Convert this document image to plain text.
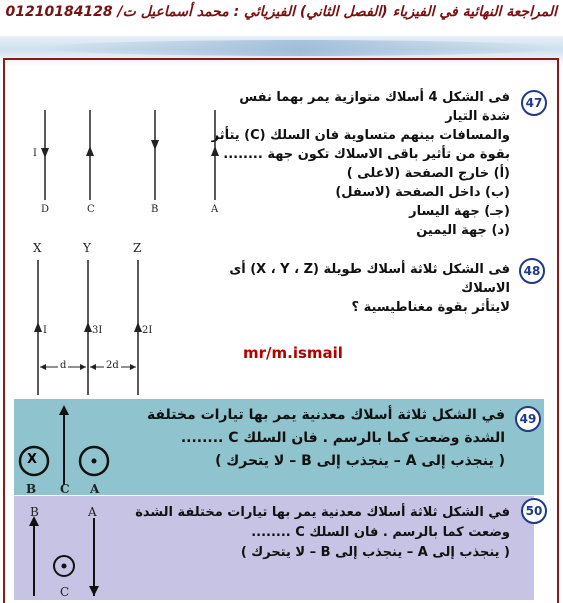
المراجعة النهائية في الفيزياء (الفصل الثاني) الفيزيائي : محمد أسماعيل ت/ 01210184128
47
فى الشكل 4 أسلاك متوازية يمر بهما نفس شدة التيار
والمسافات بينهم متساوية فان السلك (C) يتأثر
بقوة من تأثير باقى الاسلاك تكون جهة ........
(أ) خارج الصفحة (لاعلى )
(ب) داخل الصفحة (لاسفل)
(جـ) جهة اليسار
(د) جهة اليمين
I
D	C	B	A
48
فى الشكل ثلاثة أسلاك طويلة (X ، Y ، Z) أى الاسلاك
لايتأثر بقوة مغناطيسية ؟
X	Y	Z
I	3I	2I
d	2d
mr/m.ismail
49
في الشكل ثلاثة أسلاك معدنية يمر بها تيارات مختلفة
الشدة وضعت كما بالرسم . فان السلك C ........
( ينجذب إلى A – ينجذب إلى B – لا يتحرك )
X
B C A
50
في الشكل ثلاثة أسلاك معدنية يمر بها تيارات مختلفة الشدة
وضعت كما بالرسم . فان السلك C ........
( ينجذب إلى A – ينجذب إلى B – لا يتحرك )
B	A
C
